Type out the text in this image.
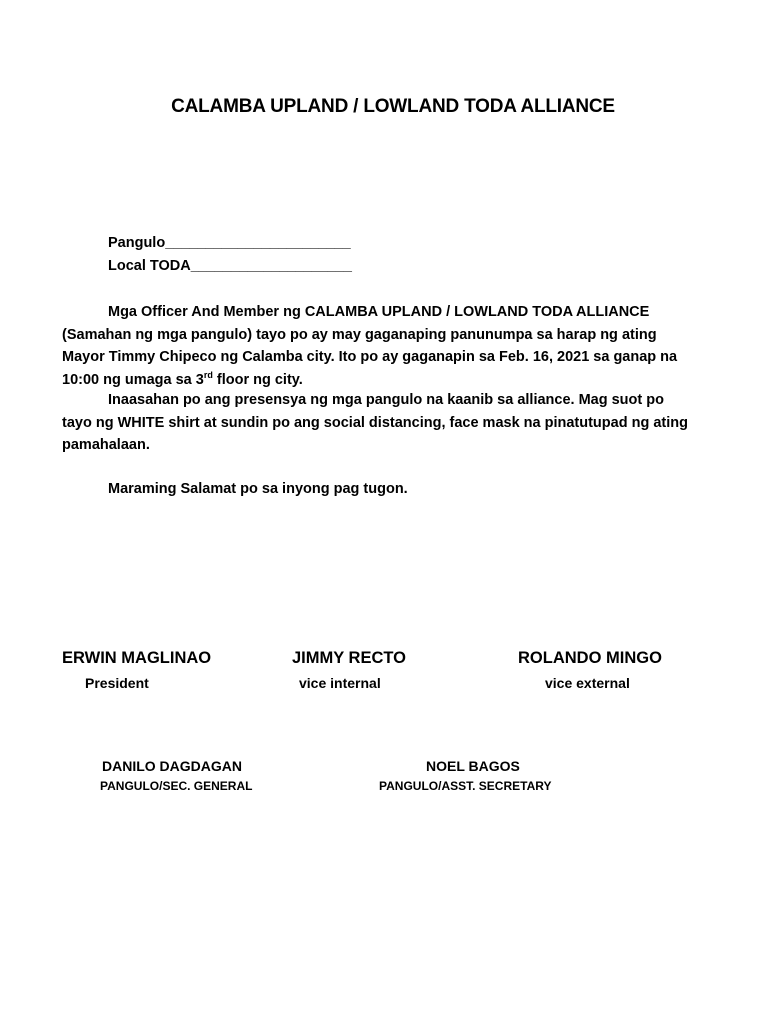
CALAMBA UPLAND / LOWLAND TODA ALLIANCE
Pangulo_______________________
Local TODA____________________
Mga Officer And Member ng CALAMBA UPLAND / LOWLAND TODA ALLIANCE
(Samahan ng mga pangulo) tayo po ay may gaganaping panunumpa sa harap ng ating
Mayor Timmy Chipeco ng Calamba city. Ito po ay gaganapin sa Feb. 16, 2021 sa ganap na
10:00 ng umaga sa 3rd floor ng city.
Inaasahan po ang presensya ng mga pangulo na kaanib sa alliance. Mag suot po
tayo ng WHITE shirt at sundin po ang social distancing, face mask na pinatutupad ng ating
pamahalaan.
Maraming Salamat po sa inyong pag tugon.
ERWIN MAGLINAO
President
JIMMY RECTO
vice internal
ROLANDO MINGO
vice external
DANILO DAGDAGAN
PANGULO/SEC. GENERAL
NOEL BAGOS
PANGULO/ASST. SECRETARY
